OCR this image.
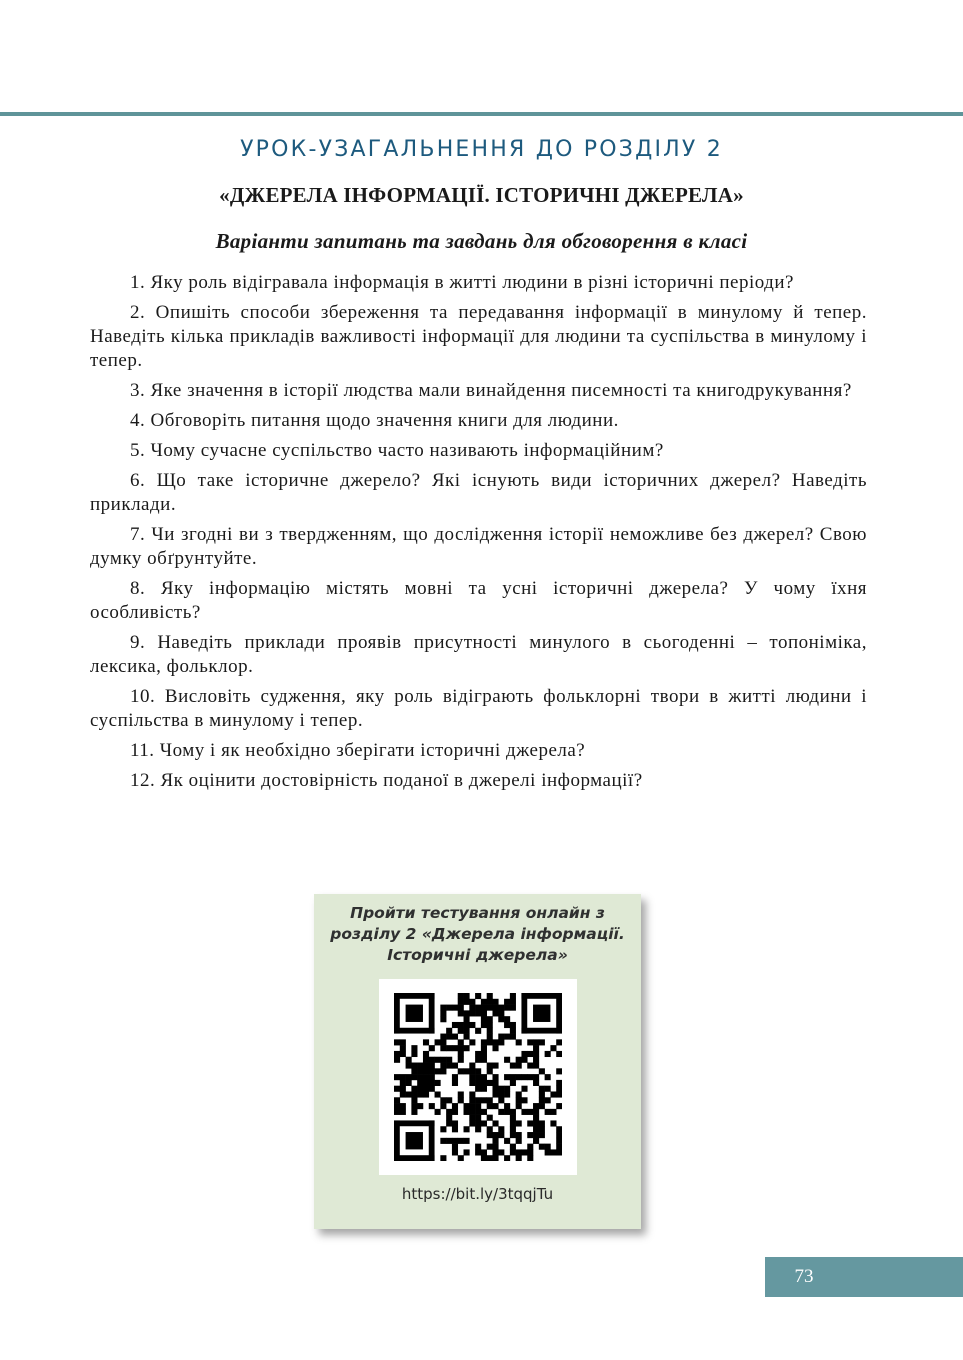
УРОК-УЗАГАЛЬНЕННЯ ДО РОЗДІЛУ 2
«ДЖЕРЕЛА ІНФОРМАЦІЇ. ІСТОРИЧНІ ДЖЕРЕЛА»
Варіанти запитань та завдань для обговорення в класі

1. Яку роль відігравала інформація в житті людини в різні історичні періоди?

2. Опишіть способи збереження та передавання інформації в минулому й тепер. Наведіть кілька прикладів важливості інформації для людини та суспільства в минулому і тепер.

3. Яке значення в історії людства мали винайдення писемності та книгодрукування?

4. Обговоріть питання щодо значення книги для людини.

5. Чому сучасне суспільство часто називають інформаційним?

6. Що таке історичне джерело? Які існують види історичних джерел? Наведіть приклади.

7. Чи згодні ви з твердженням, що дослідження історії неможливе без джерел? Свою думку обґрунтуйте.

8. Яку інформацію містять мовні та усні історичні джерела? У чому їхня особливість?

9. Наведіть приклади проявів присутності минулого в сьогоденні – топоніміка, лексика, фольклор.

10. Висловіть судження, яку роль відіграють фольклорні твори в житті людини і суспільства в минулому і тепер.

11. Чому і як необхідно зберігати історичні джерела?

12. Як оцінити достовірність поданої в джерелі інформації?

Пройти тестування онлайн з
розділу 2 «Джерела інформації.
Історичні джерела»
https://bit.ly/3tqqjTu
73
